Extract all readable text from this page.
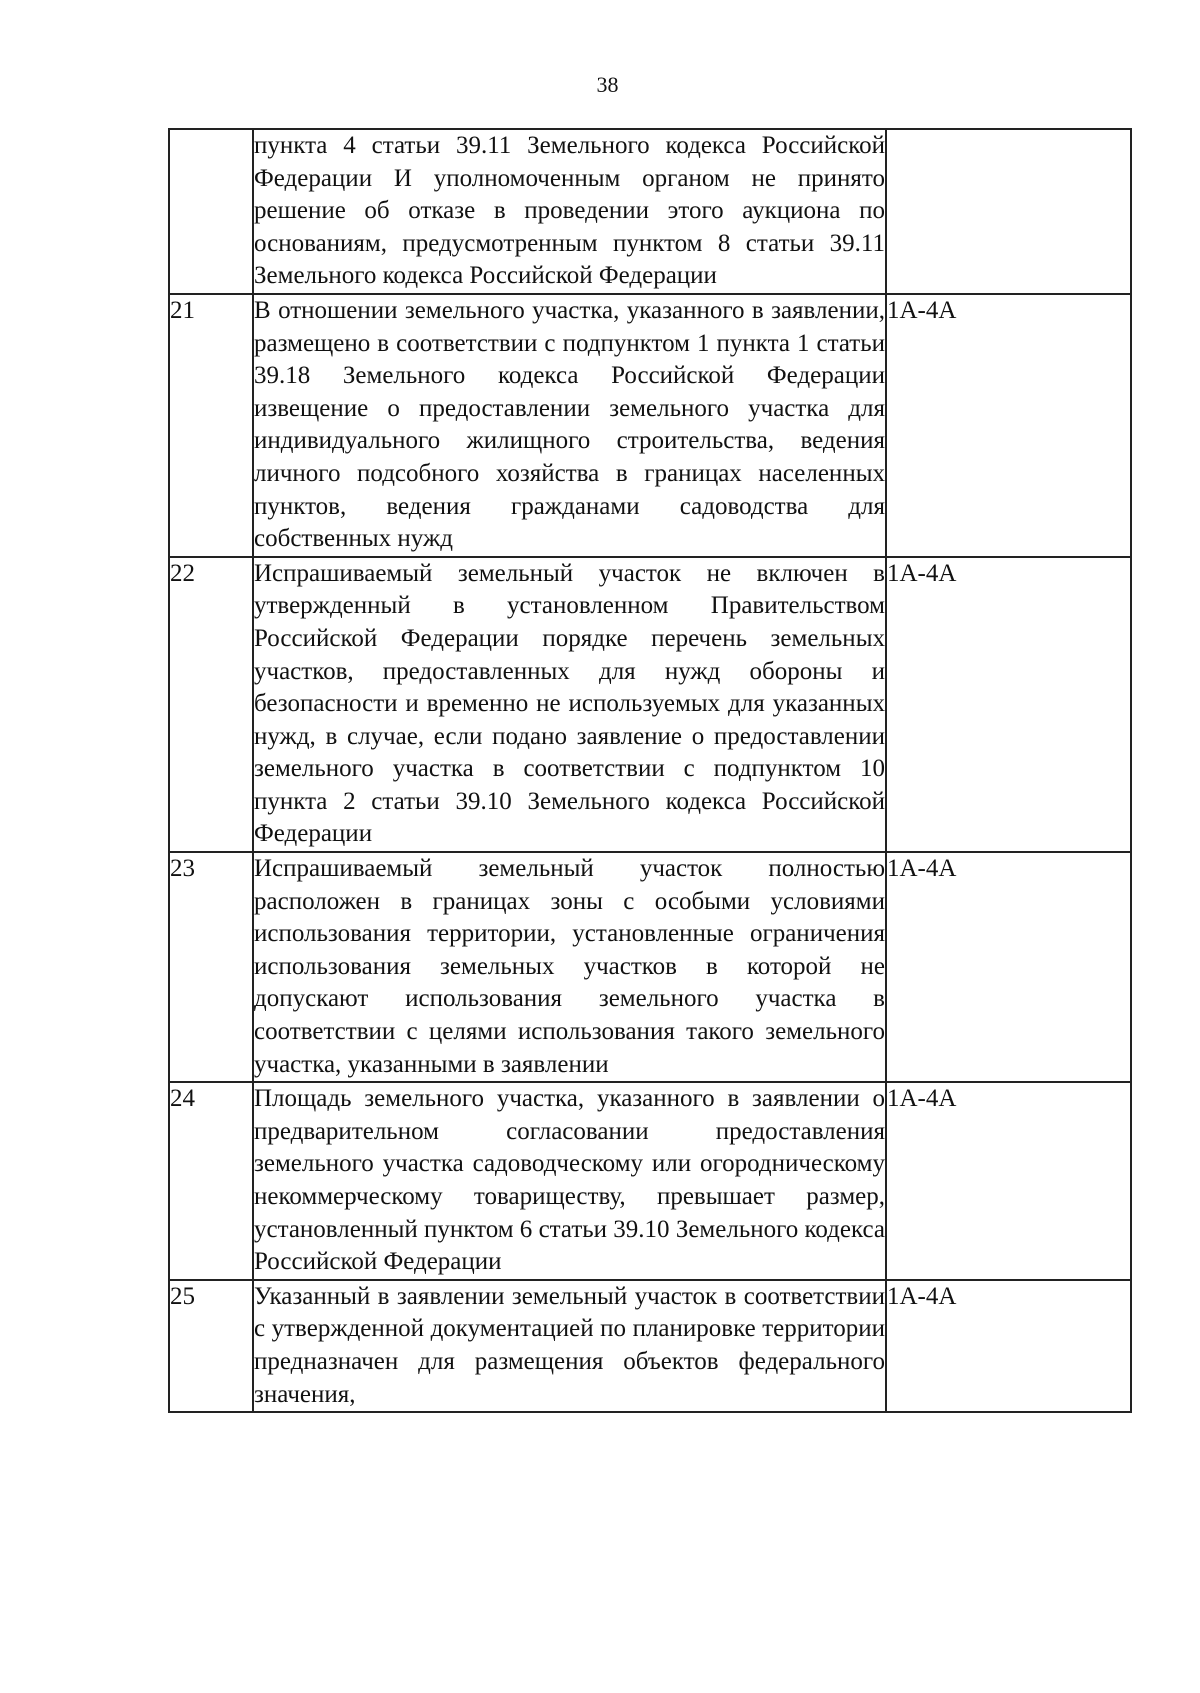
38

	пункта 4 статьи 39.11 Земельного кодекса Российской Федерации И уполномоченным органом не принято решение об отказе в проведении этого аукциона по основаниям, предусмотренным пунктом 8 статьи 39.11 Земельного кодекса Российской Федерации	

21	В отношении земельного участка, указанного в заявлении, размещено в соответствии с подпунктом 1 пункта 1 статьи 39.18 Земельного кодекса Российской Федерации извещение о предоставлении земельного участка для индивидуального жилищного строительства, ведения личного подсобного хозяйства в границах населенных пунктов, ведения гражданами садоводства для собственных нужд	1А-4А
22	Испрашиваемый земельный участок не включен в утвержденный в установленном Правительством Российской Федерации порядке перечень земельных участков, предоставленных для нужд обороны и безопасности и временно не используемых для указанных нужд, в случае, если подано заявление о предоставлении земельного участка в соответствии с подпунктом 10 пункта 2 статьи 39.10 Земельного кодекса Российской Федерации	1А-4А
23	Испрашиваемый земельный участок полностью расположен в границах зоны с особыми условиями использования территории, установленные ограничения использования земельных участков в которой не допускают использования земельного участка в соответствии с целями использования такого земельного участка, указанными в заявлении	1А-4А
24	Площадь земельного участка, указанного в заявлении о предварительном согласовании предоставления земельного участка садоводческому или огородническому некоммерческому товариществу, превышает размер, установленный пунктом 6 статьи 39.10 Земельного кодекса Российской Федерации	1А-4А
25	Указанный в заявлении земельный участок в соответствии с утвержденной документацией по планировке территории предназначен для размещения объектов федерального значения,	1А-4А
